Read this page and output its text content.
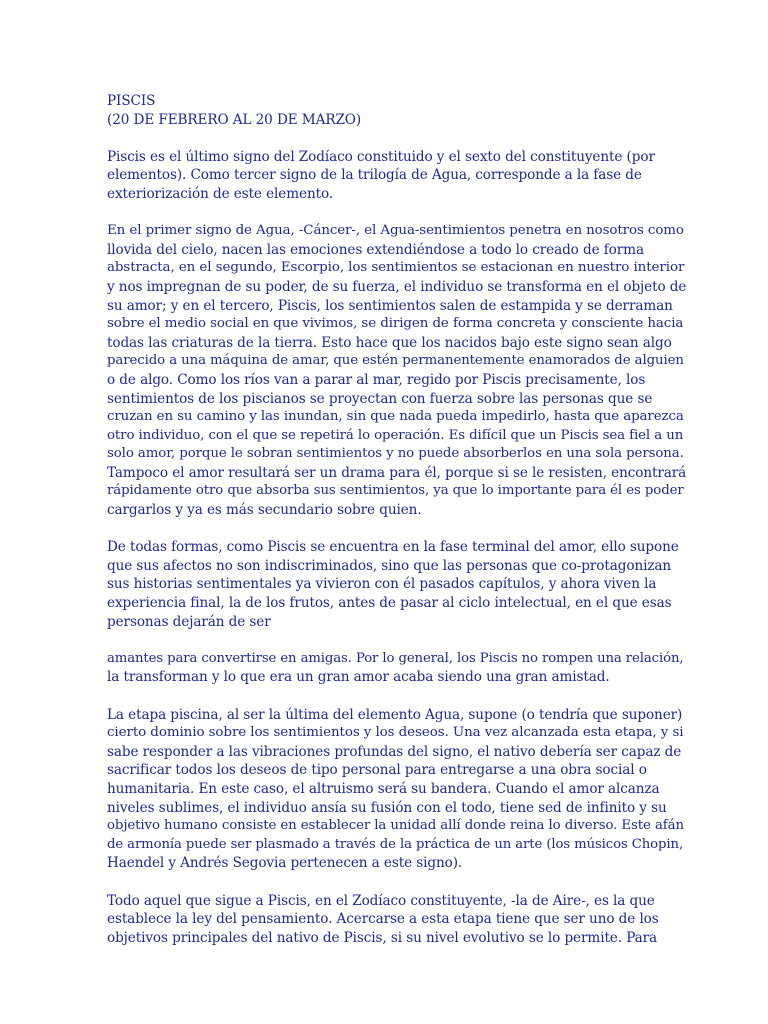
PISCIS
(20 DE FEBRERO AL 20 DE MARZO)
Piscis es el último signo del Zodíaco constituido y el sexto del constituyente (por
elementos). Como tercer signo de la trilogía de Agua, corresponde a la fase de
exteriorización de este elemento.
En el primer signo de Agua, -Cáncer-, el Agua-sentimientos penetra en nosotros como
llovida del cielo, nacen las emociones extendiéndose a todo lo creado de forma
abstracta, en el segundo, Escorpio, los sentimientos se estacionan en nuestro interior
y nos impregnan de su poder, de su fuerza, el individuo se transforma en el objeto de
su amor; y en el tercero, Piscis, los sentimientos salen de estampida y se derraman
sobre el medio social en que vivimos, se dirigen de forma concreta y consciente hacia
todas las criaturas de la tierra. Esto hace que los nacidos bajo este signo sean algo
parecido a una máquina de amar, que estén permanentemente enamorados de alguien
o de algo. Como los ríos van a parar al mar, regido por Piscis precisamente, los
sentimientos de los piscianos se proyectan con fuerza sobre las personas que se
cruzan en su camino y las inundan, sin que nada pueda impedirlo, hasta que aparezca
otro individuo, con el que se repetirá lo operación. Es difícil que un Piscis sea fiel a un
solo amor, porque le sobran sentimientos y no puede absorberlos en una sola persona.
Tampoco el amor resultará ser un drama para él, porque si se le resisten, encontrará
rápidamente otro que absorba sus sentimientos, ya que lo importante para él es poder
cargarlos y ya es más secundario sobre quien.
De todas formas, como Piscis se encuentra en la fase terminal del amor, ello supone
que sus afectos no son indiscriminados, sino que las personas que co-protagonizan
sus historias sentimentales ya vivieron con él pasados capítulos, y ahora viven la
experiencia final, la de los frutos, antes de pasar al ciclo intelectual, en el que esas
personas dejarán de ser
amantes para convertirse en amigas. Por lo general, los Piscis no rompen una relación,
la transforman y lo que era un gran amor acaba siendo una gran amistad.
La etapa piscina, al ser la última del elemento Agua, supone (o tendría que suponer)
cierto dominio sobre los sentimientos y los deseos. Una vez alcanzada esta etapa, y si
sabe responder a las vibraciones profundas del signo, el nativo debería ser capaz de
sacrificar todos los deseos de tipo personal para entregarse a una obra social o
humanitaria. En este caso, el altruismo será su bandera. Cuando el amor alcanza
niveles sublimes, el individuo ansía su fusión con el todo, tiene sed de infinito y su
objetivo humano consiste en establecer la unidad allí donde reina lo diverso. Este afán
de armonía puede ser plasmado a través de la práctica de un arte (los músicos Chopin,
Haendel y Andrés Segovia pertenecen a este signo).
Todo aquel que sigue a Piscis, en el Zodíaco constituyente, -la de Aire-, es la que
establece la ley del pensamiento. Acercarse a esta etapa tiene que ser uno de los
objetivos principales del nativo de Piscis, si su nivel evolutivo se lo permite. Para
